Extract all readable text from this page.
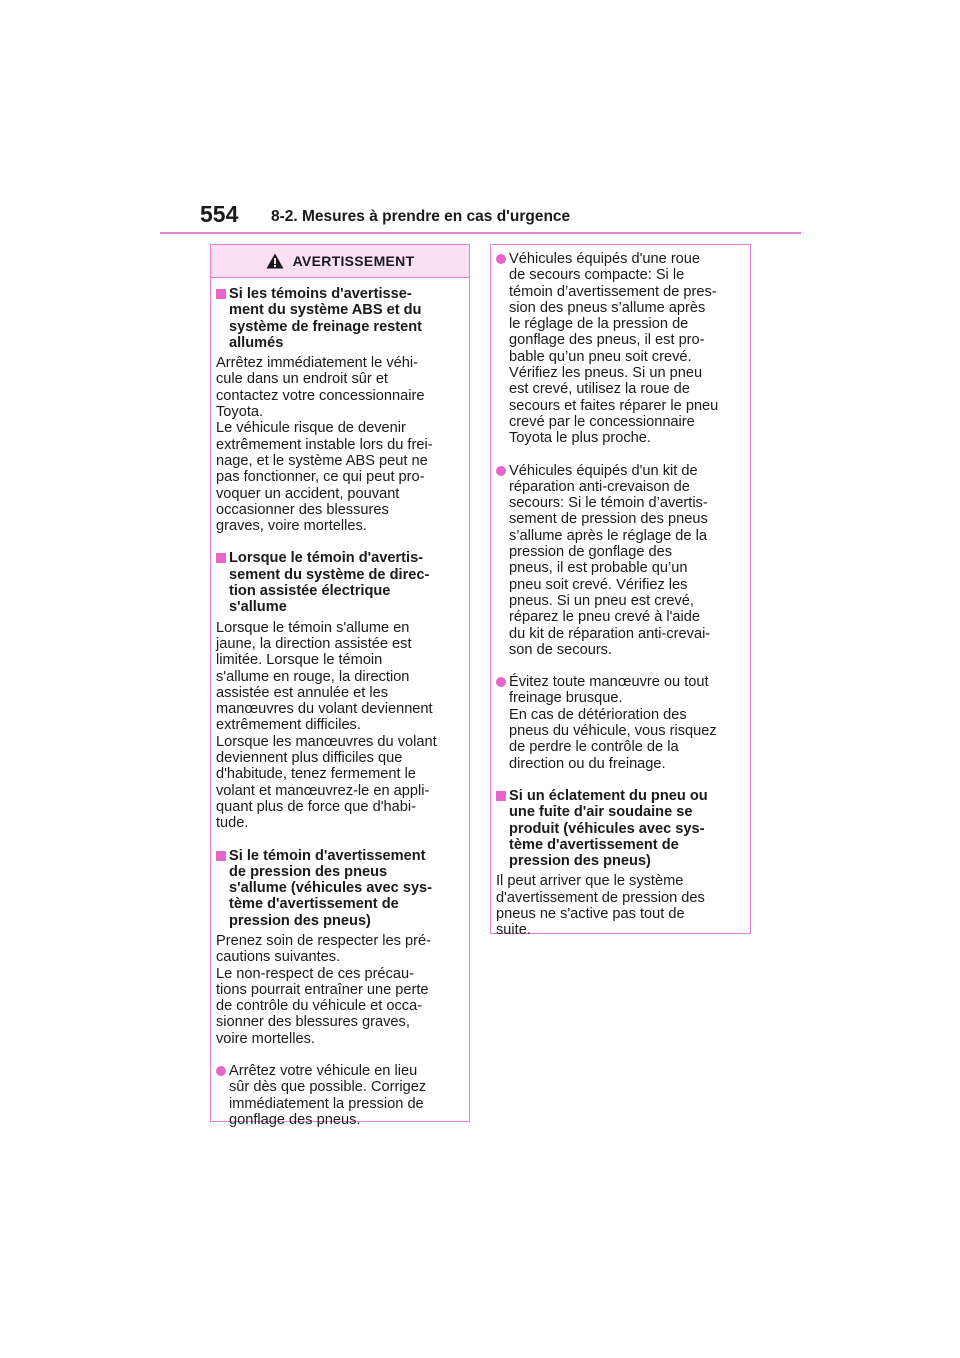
554 8-2. Mesures à prendre en cas d'urgence
AVERTISSEMENT
Si les témoins d'avertisse-
ment du système ABS et du
système de freinage restent
allumés
Arrêtez immédiatement le véhi-
cule dans un endroit sûr et
contactez votre concessionnaire
Toyota.
Le véhicule risque de devenir
extrêmement instable lors du frei-
nage, et le système ABS peut ne
pas fonctionner, ce qui peut pro-
voquer un accident, pouvant
occasionner des blessures
graves, voire mortelles.
Lorsque le témoin d'avertis-
sement du système de direc-
tion assistée électrique
s'allume
Lorsque le témoin s'allume en
jaune, la direction assistée est
limitée. Lorsque le témoin
s'allume en rouge, la direction
assistée est annulée et les
manœuvres du volant deviennent
extrêmement difficiles.
Lorsque les manœuvres du volant
deviennent plus difficiles que
d'habitude, tenez fermement le
volant et manœuvrez-le en appli-
quant plus de force que d'habi-
tude.
Si le témoin d'avertissement
de pression des pneus
s'allume (véhicules avec sys-
tème d'avertissement de
pression des pneus)
Prenez soin de respecter les pré-
cautions suivantes.
Le non-respect de ces précau-
tions pourrait entraîner une perte
de contrôle du véhicule et occa-
sionner des blessures graves,
voire mortelles.
Arrêtez votre véhicule en lieu
sûr dès que possible. Corrigez
immédiatement la pression de
gonflage des pneus.
Véhicules équipés d'une roue
de secours compacte: Si le
témoin d’avertissement de pres-
sion des pneus s’allume après
le réglage de la pression de
gonflage des pneus, il est pro-
bable qu’un pneu soit crevé.
Vérifiez les pneus. Si un pneu
est crevé, utilisez la roue de
secours et faites réparer le pneu
crevé par le concessionnaire
Toyota le plus proche.
Véhicules équipés d'un kit de
réparation anti-crevaison de
secours: Si le témoin d’avertis-
sement de pression des pneus
s’allume après le réglage de la
pression de gonflage des
pneus, il est probable qu’un
pneu soit crevé. Vérifiez les
pneus. Si un pneu est crevé,
réparez le pneu crevé à l'aide
du kit de réparation anti-crevai-
son de secours.
Évitez toute manœuvre ou tout
freinage brusque.
En cas de détérioration des
pneus du véhicule, vous risquez
de perdre le contrôle de la
direction ou du freinage.
Si un éclatement du pneu ou
une fuite d'air soudaine se
produit (véhicules avec sys-
tème d'avertissement de
pression des pneus)
Il peut arriver que le système
d'avertissement de pression des
pneus ne s'active pas tout de
suite.
